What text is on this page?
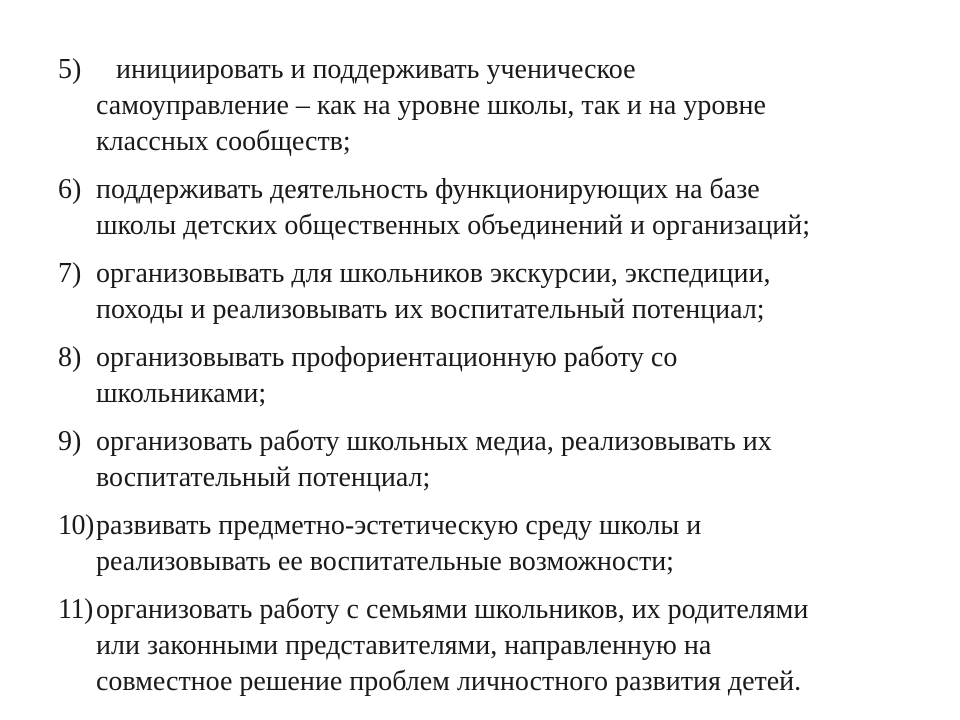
5)	инициировать и поддерживать ученическое
самоуправление – как на уровне школы, так и на уровне
классных сообществ;
6) поддерживать деятельность функционирующих на базе
школы детских общественных объединений и организаций;
7) организовывать для школьников экскурсии, экспедиции,
походы и реализовывать их воспитательный потенциал;
8) организовывать профориентационную работу со
школьниками;
9) организовать работу школьных медиа, реализовывать их
воспитательный потенциал;
10) развивать предметно-эстетическую среду школы и
реализовывать ее воспитательные возможности;
11) организовать работу с семьями школьников, их родителями
или законными представителями, направленную на
совместное решение проблем личностного развития детей.
